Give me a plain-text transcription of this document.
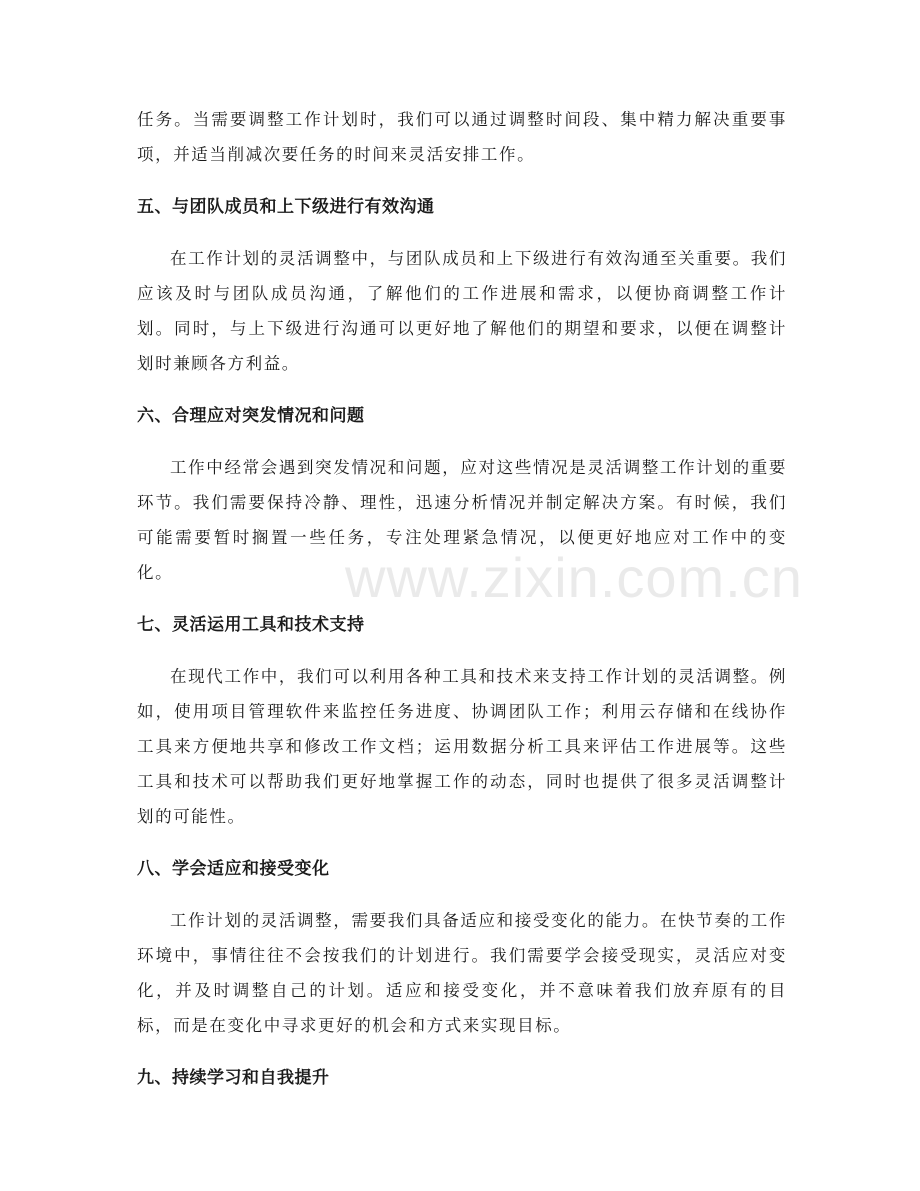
任务。当需要调整工作计划时，我们可以通过调整时间段、集中精力解决重要事项，并适当削减次要任务的时间来灵活安排工作。

五、与团队成员和上下级进行有效沟通

在工作计划的灵活调整中，与团队成员和上下级进行有效沟通至关重要。我们应该及时与团队成员沟通，了解他们的工作进展和需求，以便协商调整工作计划。同时，与上下级进行沟通可以更好地了解他们的期望和要求，以便在调整计划时兼顾各方利益。

六、合理应对突发情况和问题

工作中经常会遇到突发情况和问题，应对这些情况是灵活调整工作计划的重要环节。我们需要保持冷静、理性，迅速分析情况并制定解决方案。有时候，我们可能需要暂时搁置一些任务，专注处理紧急情况，以便更好地应对工作中的变化。

七、灵活运用工具和技术支持

在现代工作中，我们可以利用各种工具和技术来支持工作计划的灵活调整。例如，使用项目管理软件来监控任务进度、协调团队工作；利用云存储和在线协作工具来方便地共享和修改工作文档；运用数据分析工具来评估工作进展等。这些工具和技术可以帮助我们更好地掌握工作的动态，同时也提供了很多灵活调整计划的可能性。

八、学会适应和接受变化

工作计划的灵活调整，需要我们具备适应和接受变化的能力。在快节奏的工作环境中，事情往往不会按我们的计划进行。我们需要学会接受现实，灵活应对变化，并及时调整自己的计划。适应和接受变化，并不意味着我们放弃原有的目标，而是在变化中寻求更好的机会和方式来实现目标。

九、持续学习和自我提升
www.zixin.com.cn
